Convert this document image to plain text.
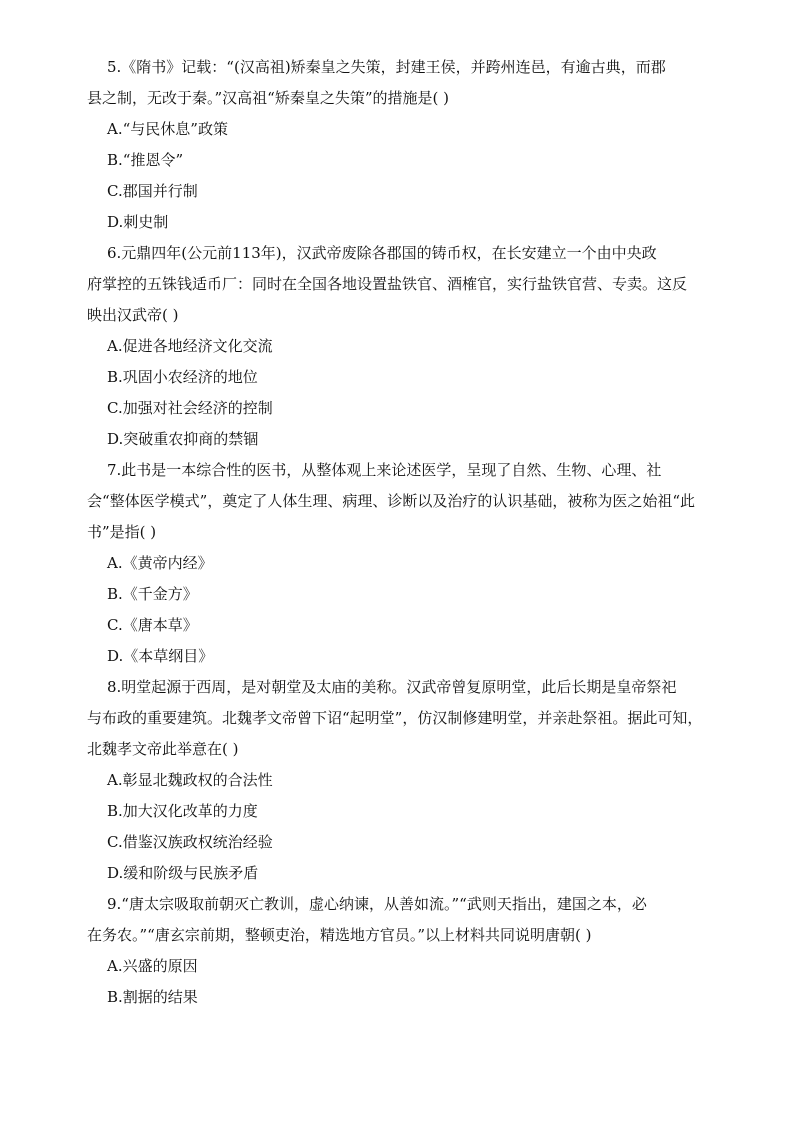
5.《隋书》记载：“(汉高祖)矫秦皇之失策，封建王侯，并跨州连邑，有逾古典，而郡
县之制，无改于秦。”汉高祖“矫秦皇之失策”的措施是( )
A.“与民休息”政策
B.“推恩令”
C.郡国并行制
D.刺史制
6.元鼎四年(公元前113年)，汉武帝废除各郡国的铸币权，在长安建立一个由中央政
府掌控的五铢钱适币厂：同时在全国各地设置盐铁官、酒榷官，实行盐铁官营、专卖。这反
映出汉武帝( )
A.促进各地经济文化交流
B.巩固小农经济的地位
C.加强对社会经济的控制
D.突破重农抑商的禁锢
7.此书是一本综合性的医书，从整体观上来论述医学，呈现了自然、生物、心理、社
会“整体医学模式”，奠定了人体生理、病理、诊断以及治疗的认识基础，被称为医之始祖“此
书”是指( )
A.《黄帝内经》
B.《千金方》
C.《唐本草》
D.《本草纲目》
8.明堂起源于西周，是对朝堂及太庙的美称。汉武帝曾复原明堂，此后长期是皇帝祭祀
与布政的重要建筑。北魏孝文帝曾下诏“起明堂”，仿汉制修建明堂，并亲赴祭祖。据此可知，
北魏孝文帝此举意在( )
A.彰显北魏政权的合法性
B.加大汉化改革的力度
C.借鉴汉族政权统治经验
D.缓和阶级与民族矛盾
9.“唐太宗吸取前朝灭亡教训，虚心纳谏，从善如流。”“武则天指出，建国之本，必
在务农。”“唐玄宗前期，整顿吏治，精选地方官员。”以上材料共同说明唐朝( )
A.兴盛的原因
B.割据的结果
